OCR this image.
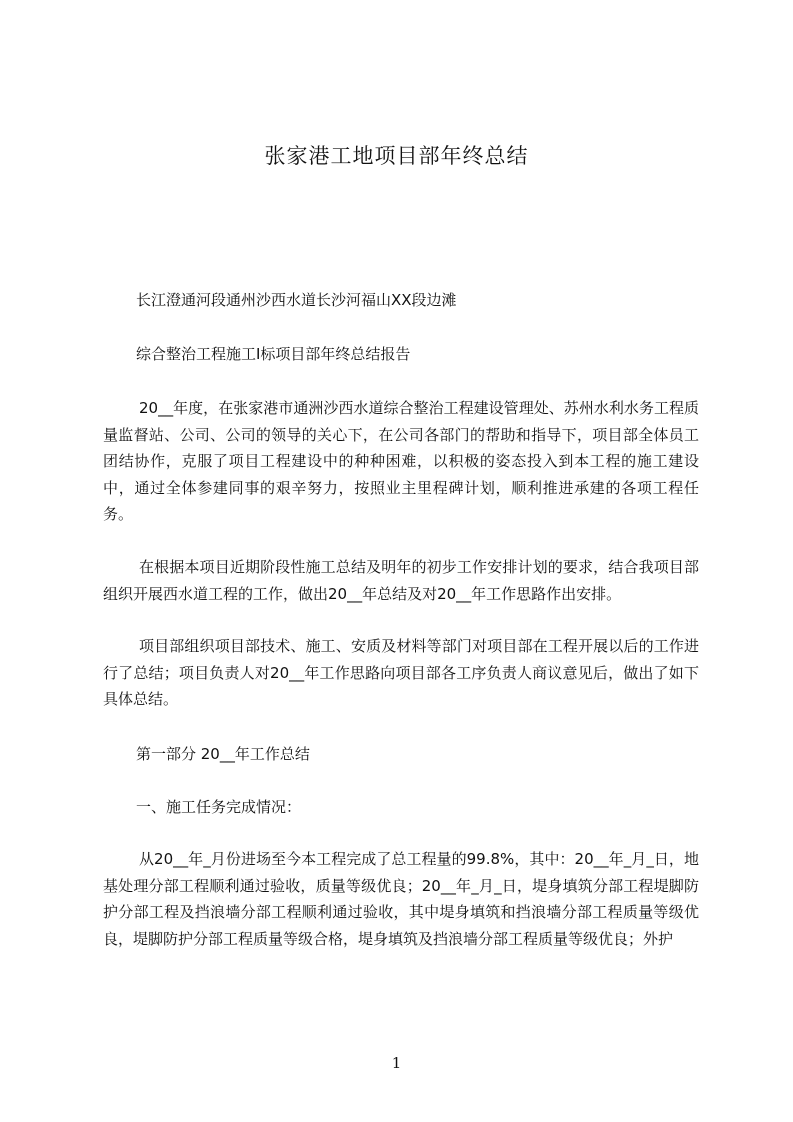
张家港工地项目部年终总结
长江澄通河段通州沙西水道长沙河福山XX段边滩
综合整治工程施工Ⅰ标项目部年终总结报告

20__年度，在张家港市通洲沙西水道综合整治工程建设管理处、苏州水利水务工程质量监督站、公司、公司的领导的关心下，在公司各部门的帮助和指导下，项目部全体员工团结协作，克服了项目工程建设中的种种困难，以积极的姿态投入到本工程的施工建设中，通过全体参建同事的艰辛努力，按照业主里程碑计划，顺利推进承建的各项工程任务。

在根据本项目近期阶段性施工总结及明年的初步工作安排计划的要求，结合我项目部组织开展西水道工程的工作，做出20__年总结及对20__年工作思路作出安排。

项目部组织项目部技术、施工、安质及材料等部门对项目部在工程开展以后的工作进行了总结；项目负责人对20__年工作思路向项目部各工序负责人商议意见后，做出了如下具体总结。

第一部分 20__年工作总结
一、施工任务完成情况：

从20__年_月份进场至今本工程完成了总工程量的99.8%，其中：20__年_月_日，地基处理分部工程顺利通过验收，质量等级优良；20__年_月_日，堤身填筑分部工程堤脚防护分部工程及挡浪墙分部工程顺利通过验收，其中堤身填筑和挡浪墙分部工程质量等级优良，堤脚防护分部工程质量等级合格，堤身填筑及挡浪墙分部工程质量等级优良；外护

1
